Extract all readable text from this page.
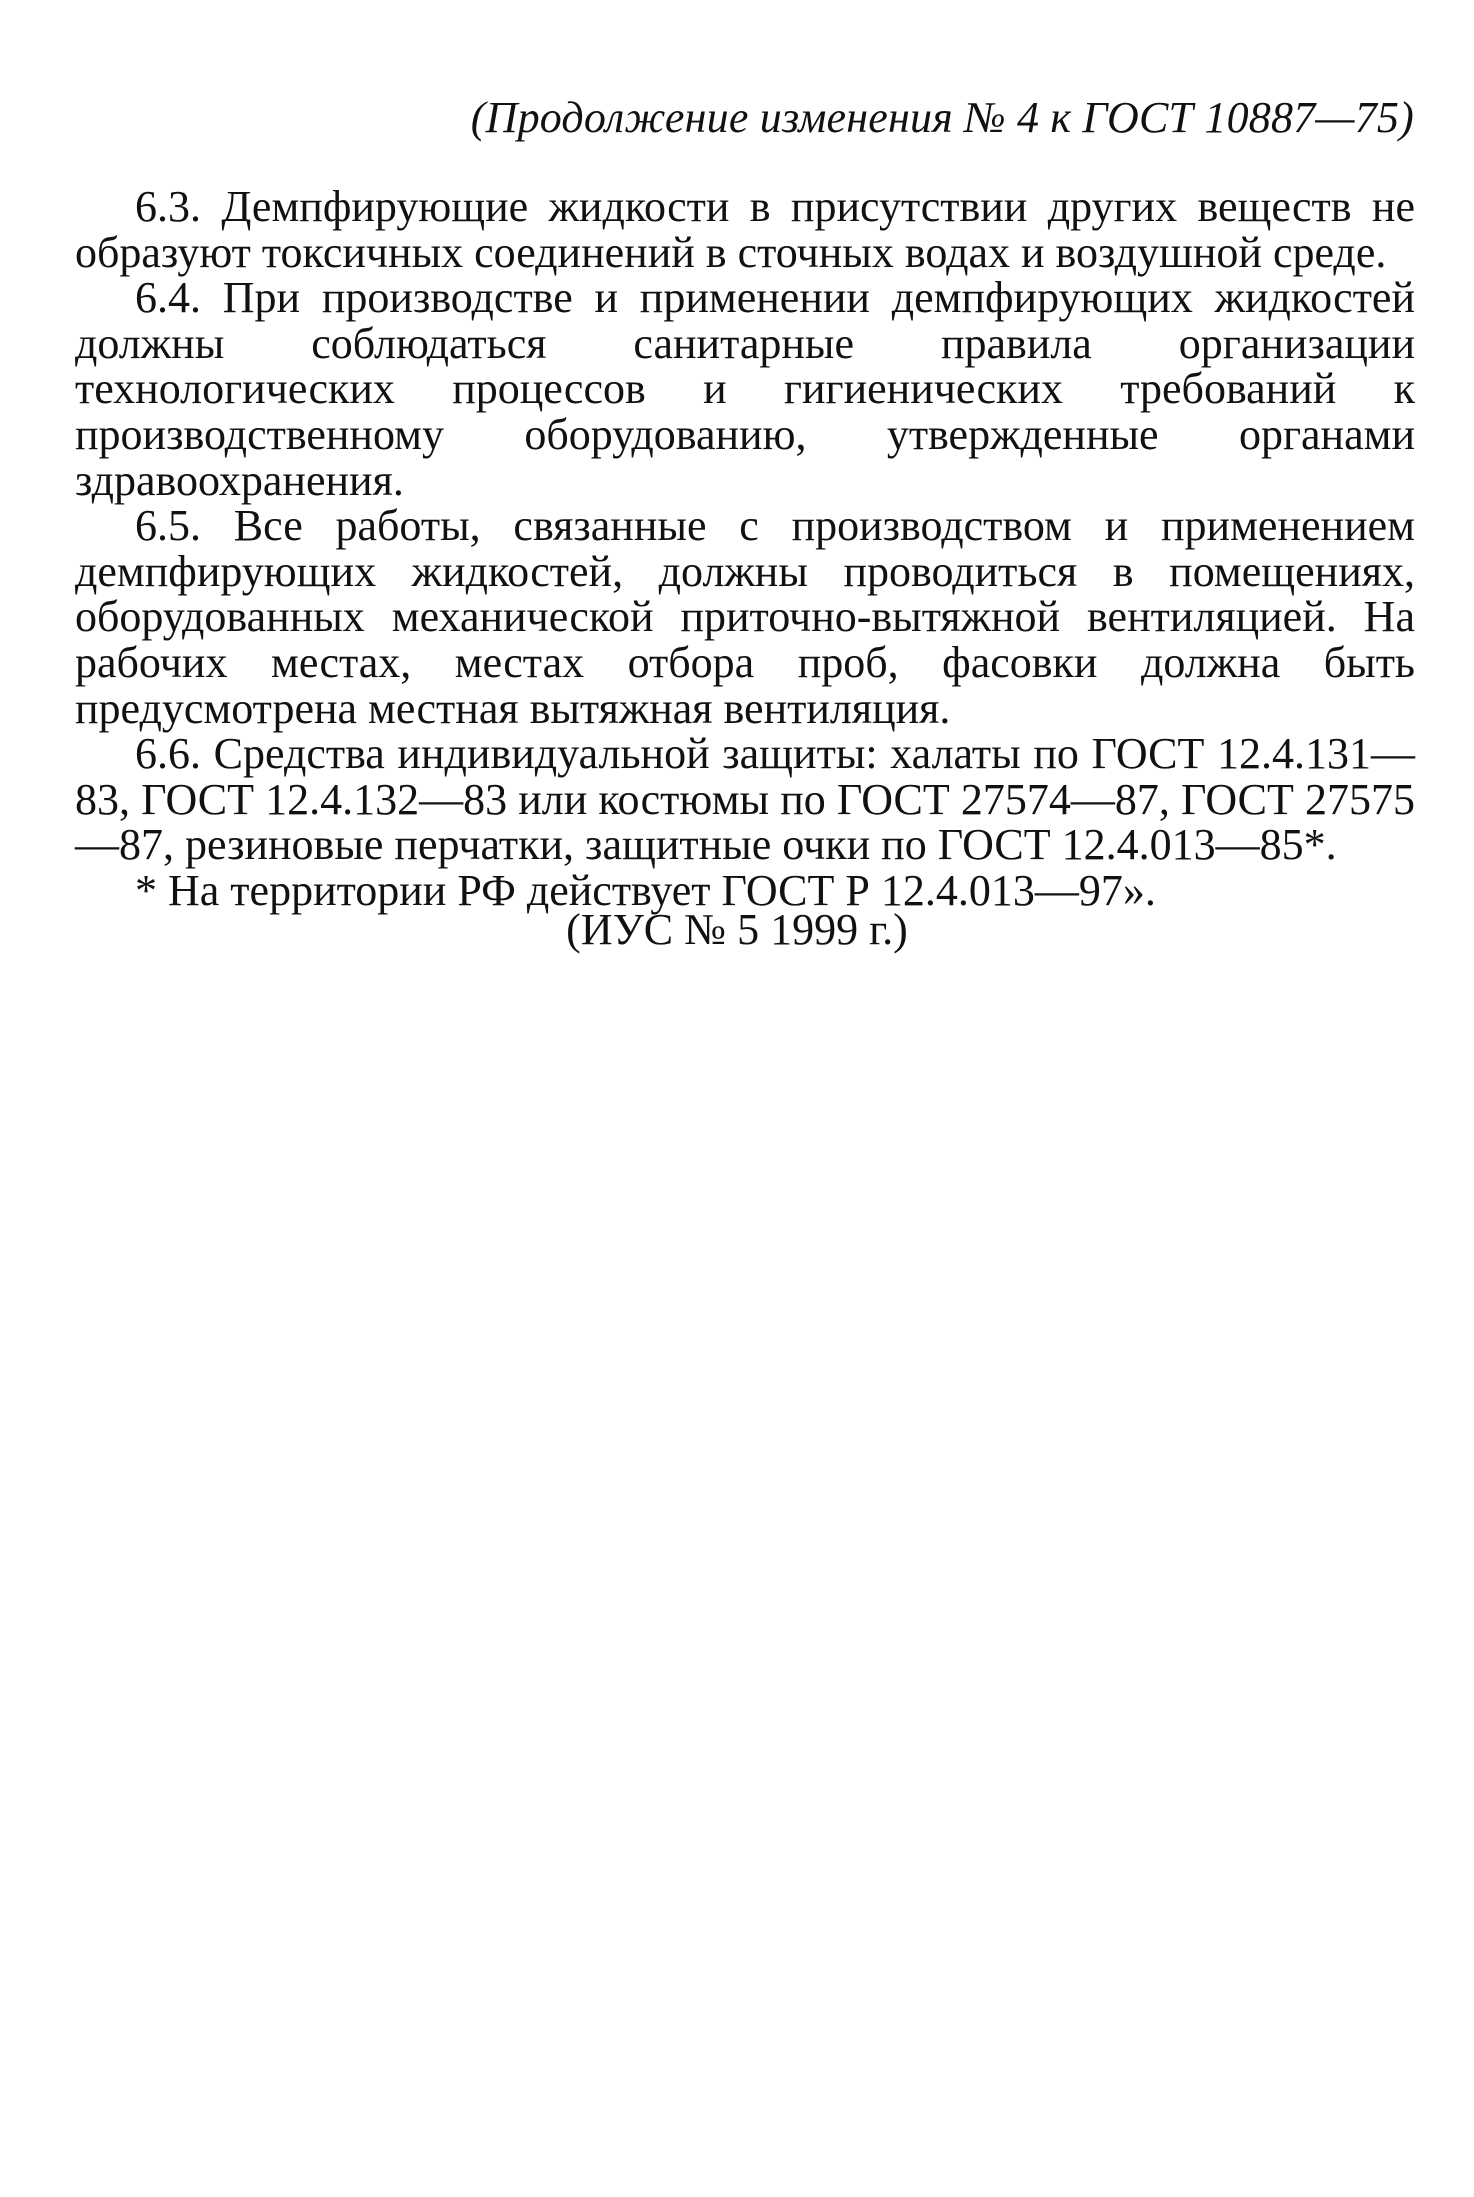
(Продолжение изменения № 4 к ГОСТ 10887—75)

6.3. Демпфирующие жидкости в присутствии других веществ не образуют токсичных соединений в сточных водах и воздушной среде.

6.4. При производстве и применении демпфирующих жидкостей должны соблюдаться санитарные правила организации технологических процессов и гигиенических требований к производственному оборудованию, утвержденные органами здравоохранения.

6.5. Все работы, связанные с производством и применением демпфирующих жидкостей, должны проводиться в помещениях, оборудованных механической приточно-вытяжной вентиляцией. На рабочих местах, местах отбора проб, фасовки должна быть предусмотрена местная вытяжная вентиляция.

6.6. Средства индивидуальной защиты: халаты по ГОСТ 12.4.131—83, ГОСТ 12.4.132—83 или костюмы по ГОСТ 27574—87, ГОСТ 27575—87, резиновые перчатки, защитные очки по ГОСТ 12.4.013—85*.

* На территории РФ действует ГОСТ Р 12.4.013—97».

(ИУС № 5 1999 г.)
